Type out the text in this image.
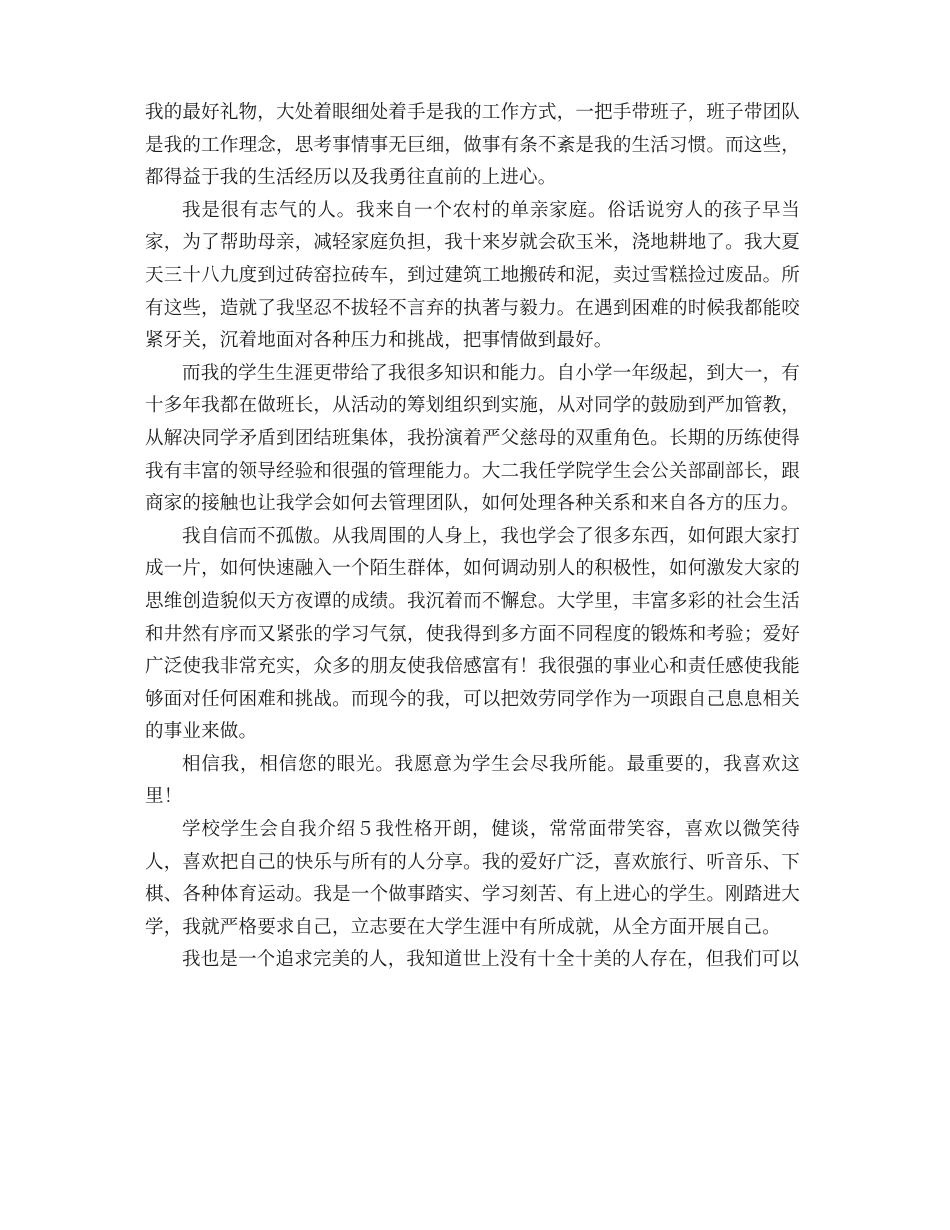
我的最好礼物，大处着眼细处着手是我的工作方式，一把手带班子，班子带团队是我的工作理念，思考事情事无巨细，做事有条不紊是我的生活习惯。而这些，都得益于我的生活经历以及我勇往直前的上进心。

我是很有志气的人。我来自一个农村的单亲家庭。俗话说穷人的孩子早当家，为了帮助母亲，减轻家庭负担，我十来岁就会砍玉米，浇地耕地了。我大夏天三十八九度到过砖窑拉砖车，到过建筑工地搬砖和泥，卖过雪糕捡过废品。所有这些，造就了我坚忍不拔轻不言弃的执著与毅力。在遇到困难的时候我都能咬紧牙关，沉着地面对各种压力和挑战，把事情做到最好。

而我的学生生涯更带给了我很多知识和能力。自小学一年级起，到大一，有十多年我都在做班长，从活动的筹划组织到实施，从对同学的鼓励到严加管教，从解决同学矛盾到团结班集体，我扮演着严父慈母的双重角色。长期的历练使得我有丰富的领导经验和很强的管理能力。大二我任学院学生会公关部副部长，跟商家的接触也让我学会如何去管理团队，如何处理各种关系和来自各方的压力。

我自信而不孤傲。从我周围的人身上，我也学会了很多东西，如何跟大家打成一片，如何快速融入一个陌生群体，如何调动别人的积极性，如何激发大家的思维创造貌似天方夜谭的成绩。我沉着而不懈怠。大学里，丰富多彩的社会生活和井然有序而又紧张的学习气氛，使我得到多方面不同程度的锻炼和考验；爱好广泛使我非常充实，众多的朋友使我倍感富有！我很强的事业心和责任感使我能够面对任何困难和挑战。而现今的我，可以把效劳同学作为一项跟自己息息相关的事业来做。

相信我，相信您的眼光。我愿意为学生会尽我所能。最重要的，我喜欢这里！

学校学生会自我介绍５我性格开朗，健谈，常常面带笑容，喜欢以微笑待人，喜欢把自己的快乐与所有的人分享。我的爱好广泛，喜欢旅行、听音乐、下棋、各种体育运动。我是一个做事踏实、学习刻苦、有上进心的学生。刚踏进大学，我就严格要求自己，立志要在大学生涯中有所成就，从全方面开展自己。

我也是一个追求完美的人，我知道世上没有十全十美的人存在，但我们可以
